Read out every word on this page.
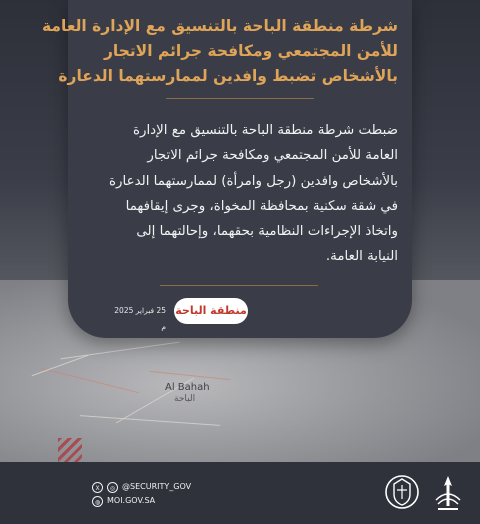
Al Bahah
الباحة
شرطة منطقة الباحة بالتنسيق مع الإدارة العامة
للأمن المجتمعي ومكافحة جرائم الاتجار
بالأشخاص تضبط وافدين لممارستهما الدعارة
ضبطت شرطة منطقة الباحة بالتنسيق مع الإدارة
العامة للأمن المجتمعي ومكافحة جرائم الاتجار
بالأشخاص وافدين (رجل وامرأة) لممارستهما الدعارة
في شقة سكنية بمحافظة المخواة، وجرى إيقافهما
واتخاذ الإجراءات النظامية بحقهما، وإحالتهما إلى
النيابة العامة.
منطقة الباحة
25 فبراير 2025 م
X	◎ @SECURITY_GOV
◍ MOI.GOV.SA
